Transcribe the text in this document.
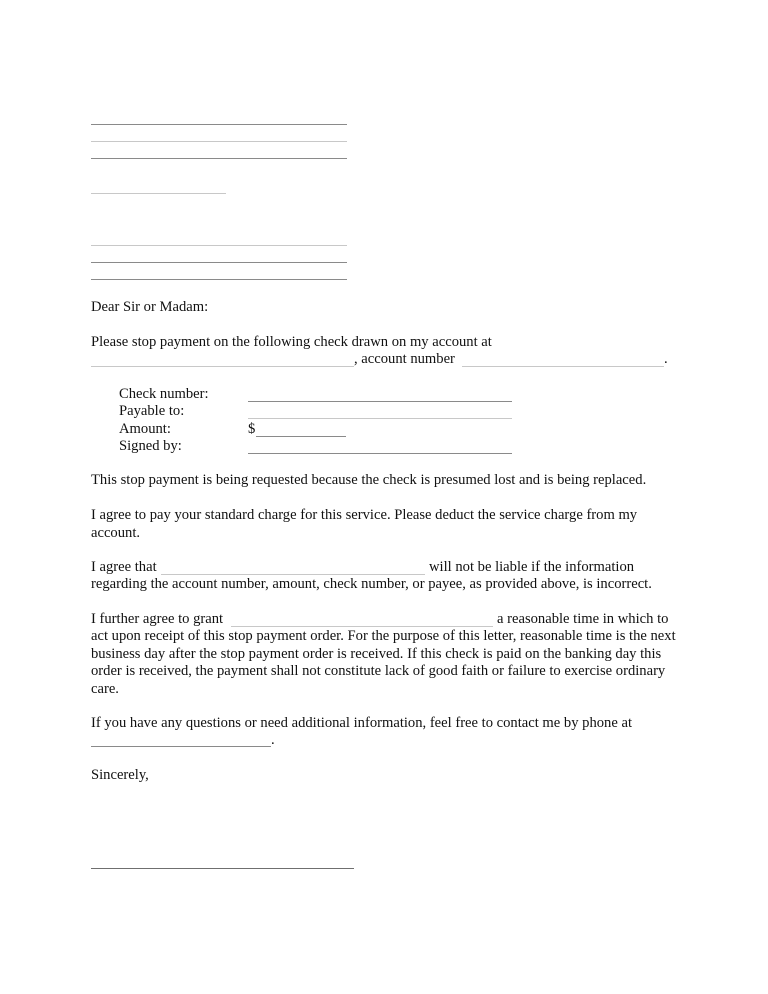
Dear Sir or Madam:
Please stop payment on the following check drawn on my account at
, account number	.
Check number:
Payable to:
Amount:	$
Signed by:
This stop payment is being requested because the check is presumed lost and is being replaced.
I agree to pay your standard charge for this service. Please deduct the service charge from my account.
I agree that	will not be liable if the information
regarding the account number, amount, check number, or payee, as provided above, is incorrect.
I further agree to grant	a reasonable time in which to
act upon receipt of this stop payment order. For the purpose of this letter, reasonable time is the next business day after the stop payment order is received. If this check is paid on the banking day this order is received, the payment shall not constitute lack of good faith or failure to exercise ordinary care.
If you have any questions or need additional information, feel free to contact me by phone at
.
Sincerely,
